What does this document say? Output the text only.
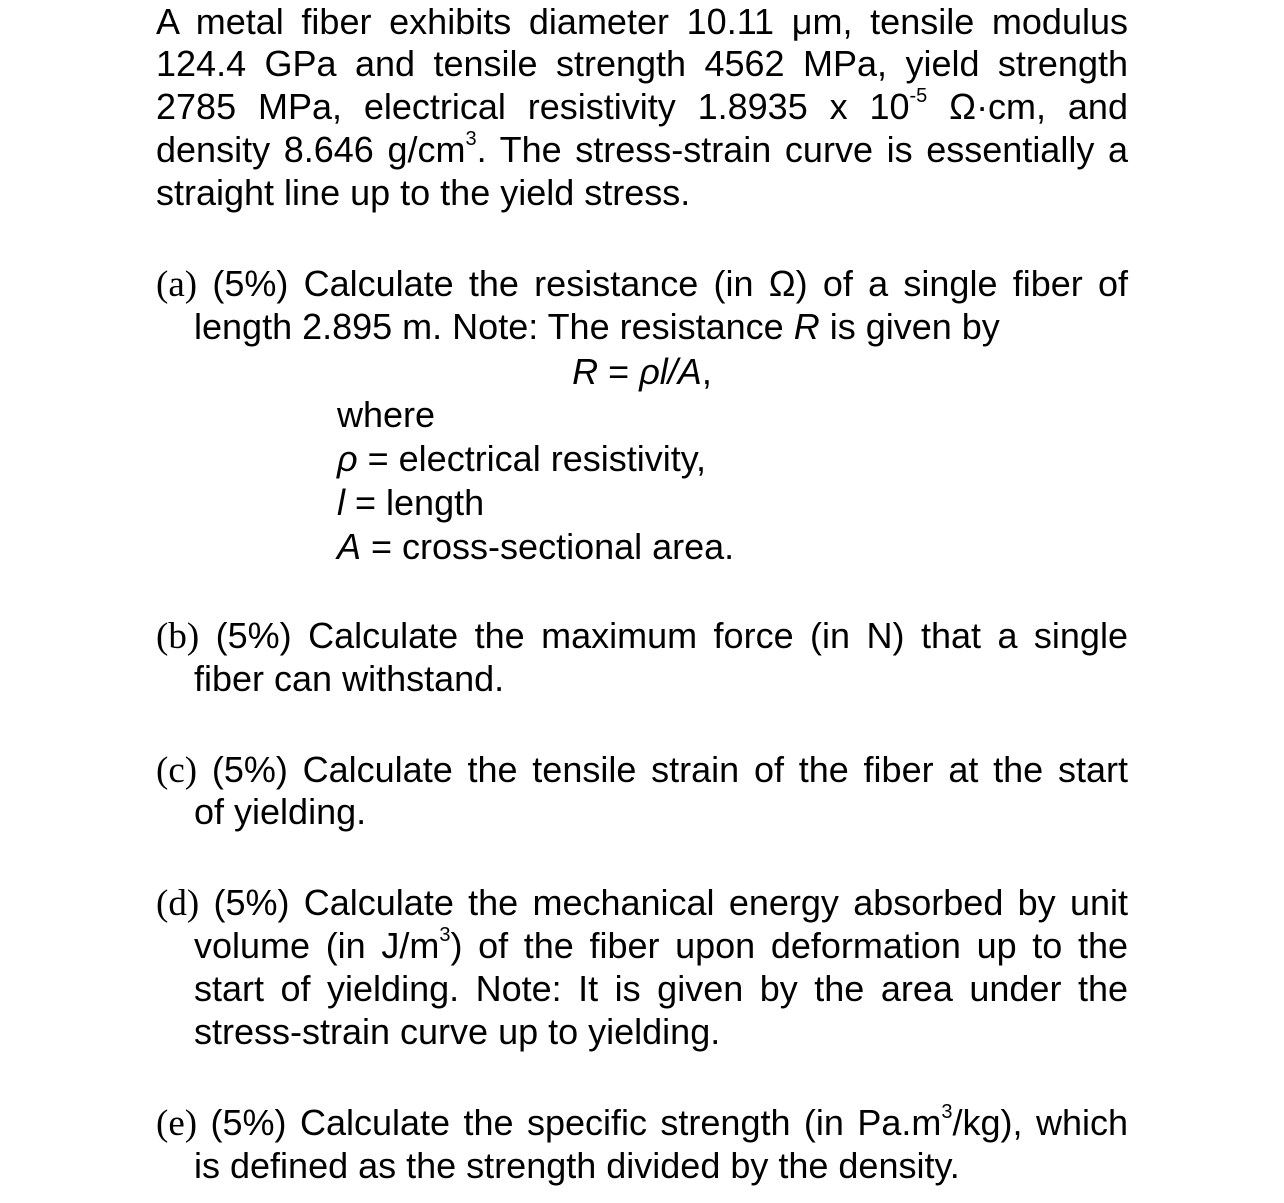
A metal fiber exhibits diameter 10.11 μm, tensile modulus
124.4 GPa and tensile strength 4562 MPa, yield strength
2785 MPa, electrical resistivity 1.8935 x $10^{-5}$ Ω·cm, and
density 8.646 $g/cm^3$. The stress-strain curve is essentially a
straight line up to the yield stress.
(a) (5%) Calculate the resistance (in Ω) of a single fiber of
length 2.895 m. Note: The resistance R is given by
R = ρl/A,
where
ρ = electrical resistivity,
l = length
A = cross-sectional area.
(b) (5%) Calculate the maximum force (in N) that a single
fiber can withstand.
(c) (5%) Calculate the tensile strain of the fiber at the start
of yielding.
(d) (5%) Calculate the mechanical energy absorbed by unit
volume (in $J/m^3$) of the fiber upon deformation up to the
start of yielding. Note: It is given by the area under the
stress-strain curve up to yielding.
(e) (5%) Calculate the specific strength (in $Pa.m^3/kg$), which
is defined as the strength divided by the density.
